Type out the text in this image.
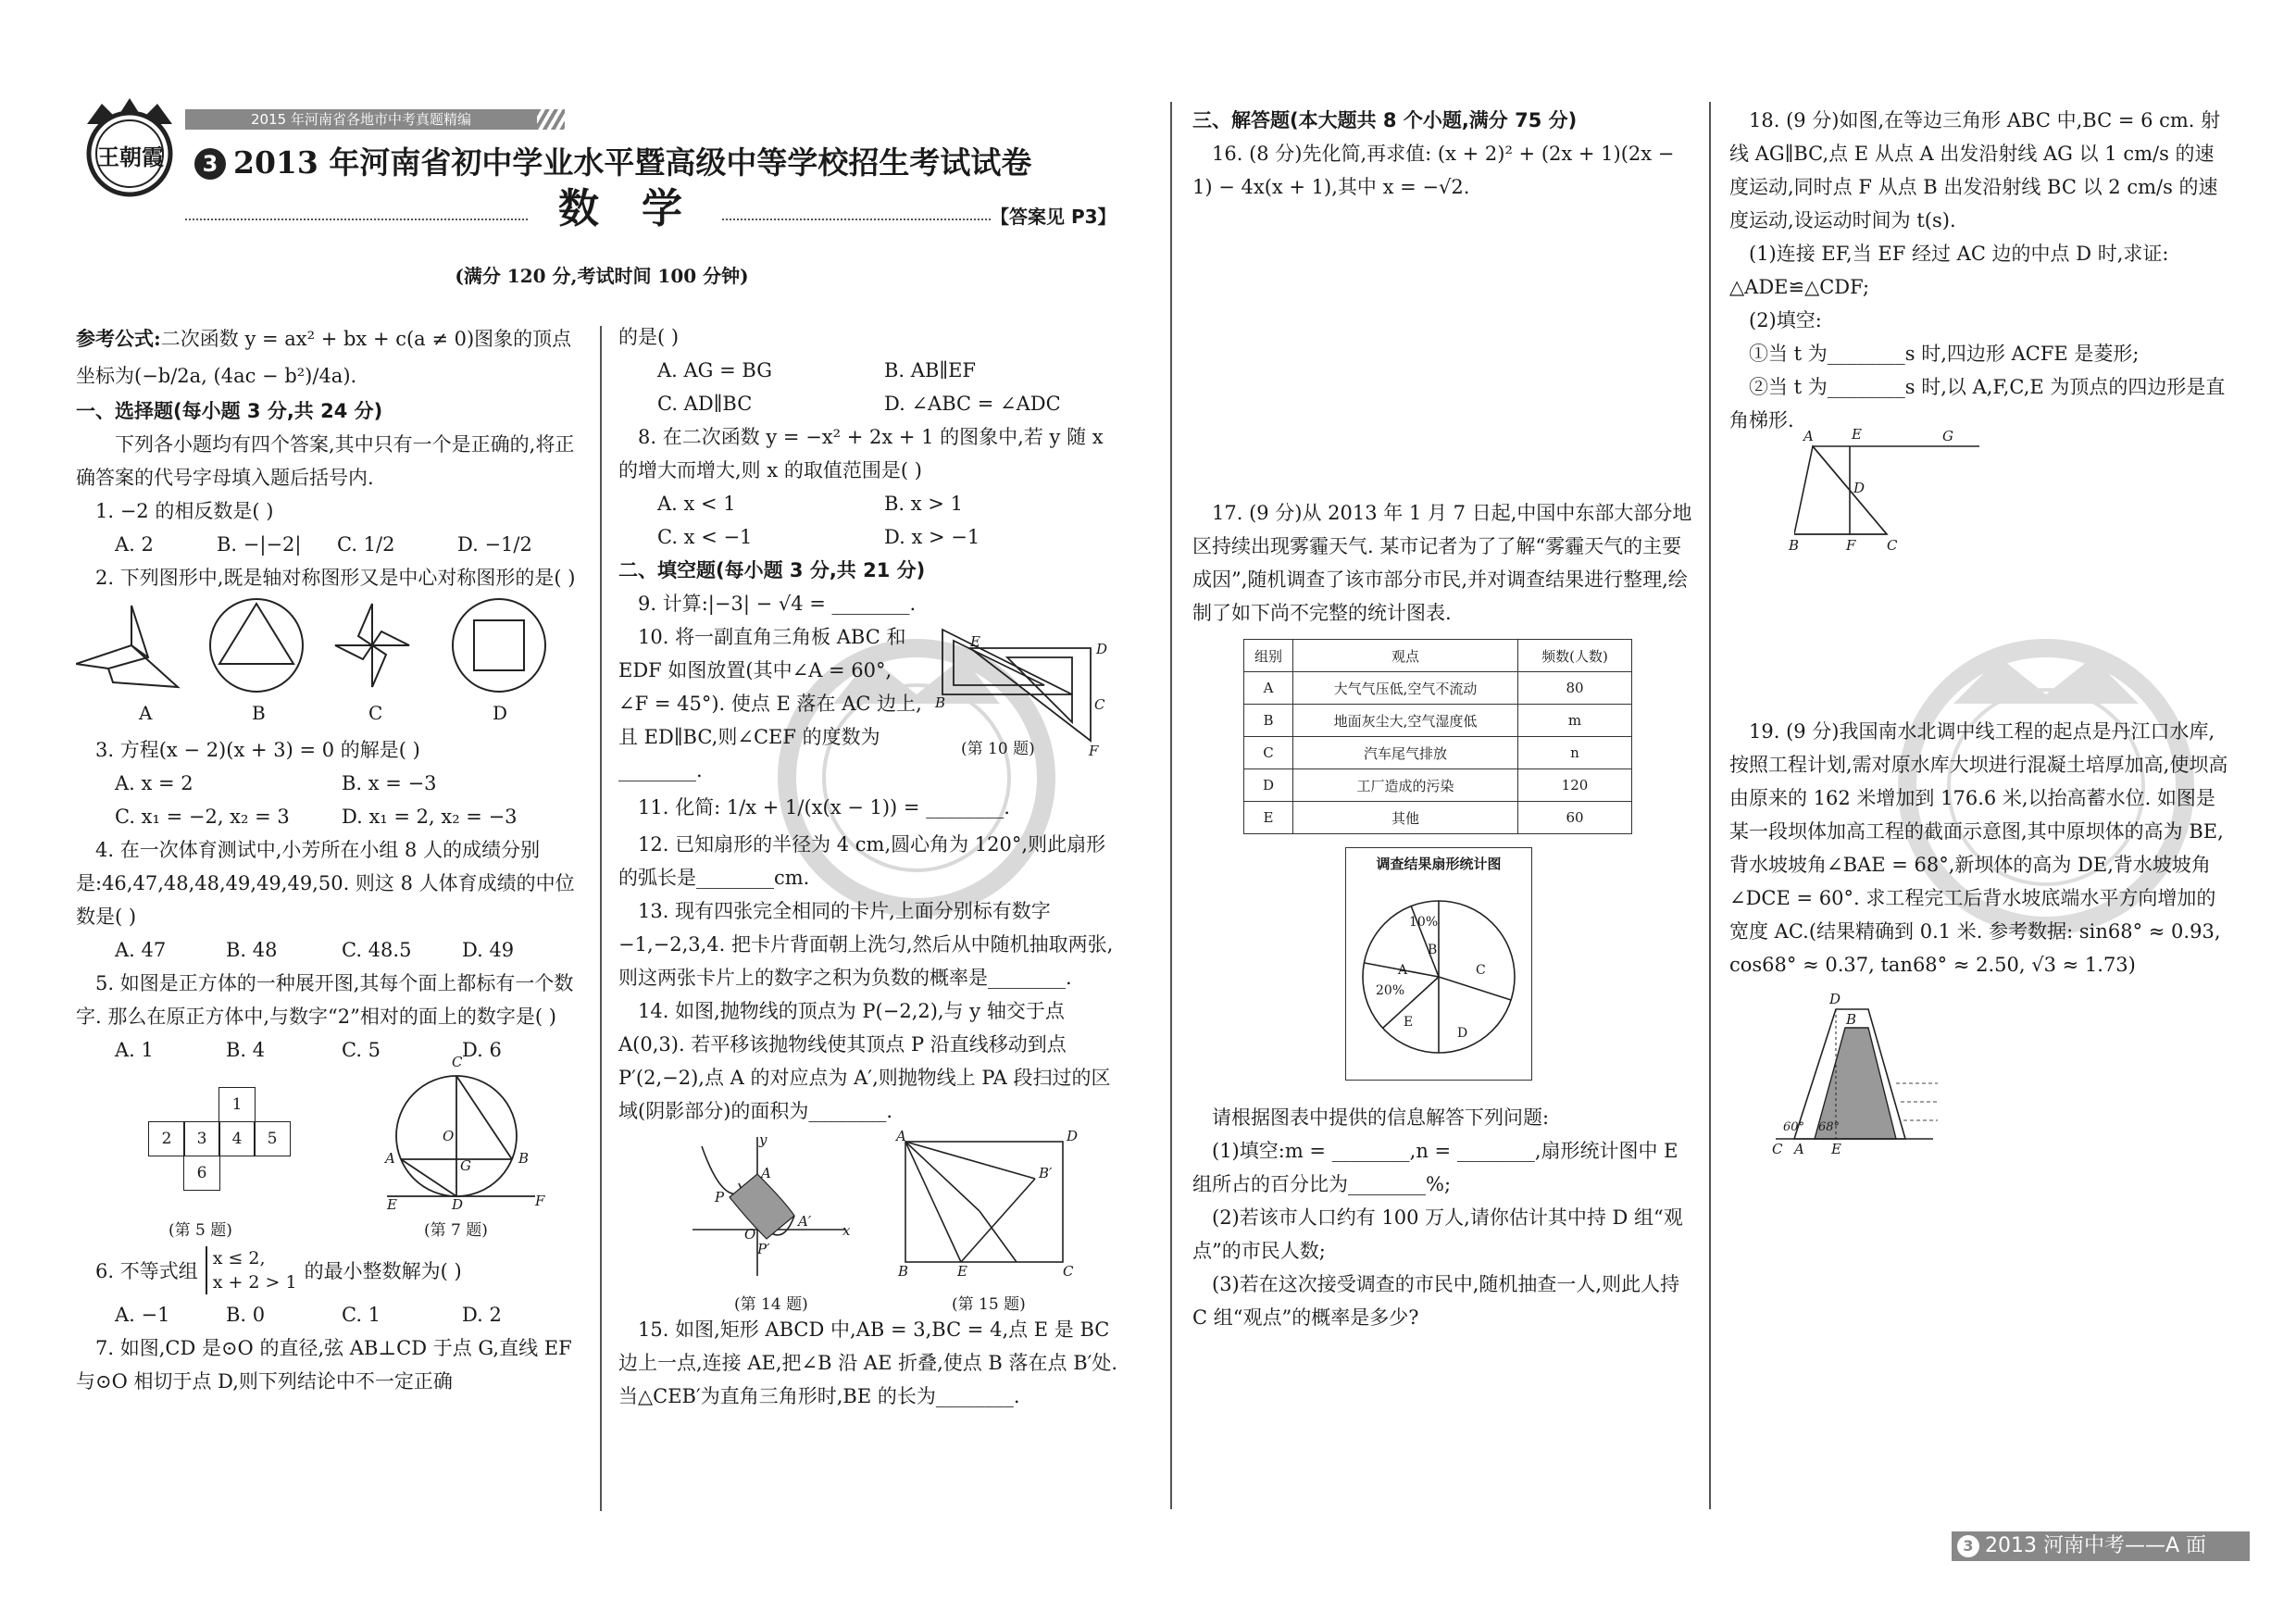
2015 年河南省各地市中考真题精编
王朝霞	3 2013 年河南省初中学业水平暨高级中等学校招生考试试卷
数   学	【答案见 P3】
(满分 120 分,考试时间 100 分钟)

参考公式:二次函数 y = ax² + bx + c(a ≠ 0)图象的顶点坐标为(−b/2a, (4ac − b²)/4a).

一、选择题(每小题 3 分,共 24 分)

下列各小题均有四个答案,其中只有一个是正确的,将正确答案的代号字母填入题后括号内.

1. −2 的相反数是( )

A. 2	B. −|−2|	C. 1/2	D. −1/2

2. 下列图形中,既是轴对称图形又是中心对称图形的是( )

A	B	C	D

3. 方程(x − 2)(x + 3) = 0 的解是( )

A. x = 2	B. x = −3
C. x₁ = −2, x₂ = 3	D. x₁ = 2, x₂ = −3

4. 在一次体育测试中,小芳所在小组 8 人的成绩分别是:46,47,48,48,49,49,49,50. 则这 8 人体育成绩的中位数是( )

A. 47	B. 48	C. 48.5	D. 49

5. 如图是正方体的一种展开图,其每个面上都标有一个数字. 那么在原正方体中,与数字“2”相对的面上的数字是( )

A. 1	B. 4	C. 5	D. 6
1
2	3	4	5
6
C
A	B
O
G
E	D	F
(第 5 题)	(第 7 题)
6. 不等式组
x ≤ 2,
x + 2 > 1 的最小整数解为( )
A. −1	B. 0	C. 1	D. 2

7. 如图,CD 是⊙O 的直径,弦 AB⊥CD 于点 G,直线 EF 与⊙O 相切于点 D,则下列结论中不一定正确

的是( )

A. AG = BG	B. AB∥EF
C. AD∥BC	D. ∠ABC = ∠ADC

8. 在二次函数 y = −x² + 2x + 1 的图象中,若 y 随 x 的增大而增大,则 x 的取值范围是( )

A. x < 1	B. x > 1
C. x < −1	D. x > −1

二、填空题(每小题 3 分,共 21 分)

9. 计算:|−3| − √4 = ________.

10. 将一副直角三角板 ABC 和 EDF 如图放置(其中∠A = 60°, ∠F = 45°). 使点 E 落在 AC 边上,且 ED∥BC,则∠CEF 的度数为________.

E	D
B	C
F
(第 10 题)

11. 化简: 1/x + 1/(x(x − 1)) = ________.

12. 已知扇形的半径为 4 cm,圆心角为 120°,则此扇形的弧长是________cm.

13. 现有四张完全相同的卡片,上面分别标有数字 −1,−2,3,4. 把卡片背面朝上洗匀,然后从中随机抽取两张,则这两张卡片上的数字之积为负数的概率是________.

14. 如图,抛物线的顶点为 P(−2,2),与 y 轴交于点 A(0,3). 若平移该抛物线使其顶点 P 沿直线移动到点 P′(2,−2),点 A 的对应点为 A′,则抛物线上 PA 段扫过的区域(阴影部分)的面积为________.

y
x
P
A
O
P′
A′
A	D
B′
B	E	C
(第 14 题)	(第 15 题)

15. 如图,矩形 ABCD 中,AB = 3,BC = 4,点 E 是 BC 边上一点,连接 AE,把∠B 沿 AE 折叠,使点 B 落在点 B′处. 当△CEB′为直角三角形时,BE 的长为________.

三、解答题(本大题共 8 个小题,满分 75 分)

16. (8 分)先化简,再求值: (x + 2)² + (2x + 1)(2x − 1) − 4x(x + 1),其中 x = −√2.

17. (9 分)从 2013 年 1 月 7 日起,中国中东部大部分地区持续出现雾霾天气. 某市记者为了了解“雾霾天气的主要成因”,随机调查了该市部分市民,并对调查结果进行整理,绘制了如下尚不完整的统计图表.

组别	观点	频数(人数)
A	大气气压低,空气不流动	80
B	地面灰尘大,空气湿度低	m
C	汽车尾气排放	n
D	工厂造成的污染	120
E	其他	60
调查结果扇形统计图
10%
B
A
20%
C
D
E

请根据图表中提供的信息解答下列问题:

(1)填空:m = ________,n = ________,扇形统计图中 E 组所占的百分比为________%;

(2)若该市人口约有 100 万人,请你估计其中持 D 组“观点”的市民人数;

(3)若在这次接受调查的市民中,随机抽查一人,则此人持 C 组“观点”的概率是多少?

18. (9 分)如图,在等边三角形 ABC 中,BC = 6 cm. 射线 AG∥BC,点 E 从点 A 出发沿射线 AG 以 1 cm/s 的速度运动,同时点 F 从点 B 出发沿射线 BC 以 2 cm/s 的速度运动,设运动时间为 t(s).

(1)连接 EF,当 EF 经过 AC 边的中点 D 时,求证: △ADE≌△CDF;

(2)填空:

①当 t 为________s 时,四边形 ACFE 是菱形;

②当 t 为________s 时,以 A,F,C,E 为顶点的四边形是直角梯形.

A	E	G
D
B	F C

19. (9 分)我国南水北调中线工程的起点是丹江口水库,按照工程计划,需对原水库大坝进行混凝土培厚加高,使坝高由原来的 162 米增加到 176.6 米,以抬高蓄水位. 如图是某一段坝体加高工程的截面示意图,其中原坝体的高为 BE,背水坡坡角∠BAE = 68°,新坝体的高为 DE,背水坡坡角∠DCE = 60°. 求工程完工后背水坡底端水平方向增加的宽度 AC.(结果精确到 0.1 米. 参考数据: sin68° ≈ 0.93, cos68° ≈ 0.37, tan68° ≈ 2.50, √3 ≈ 1.73)

D
B
60° 68°
C A E
3 2013 河南中考——A 面
